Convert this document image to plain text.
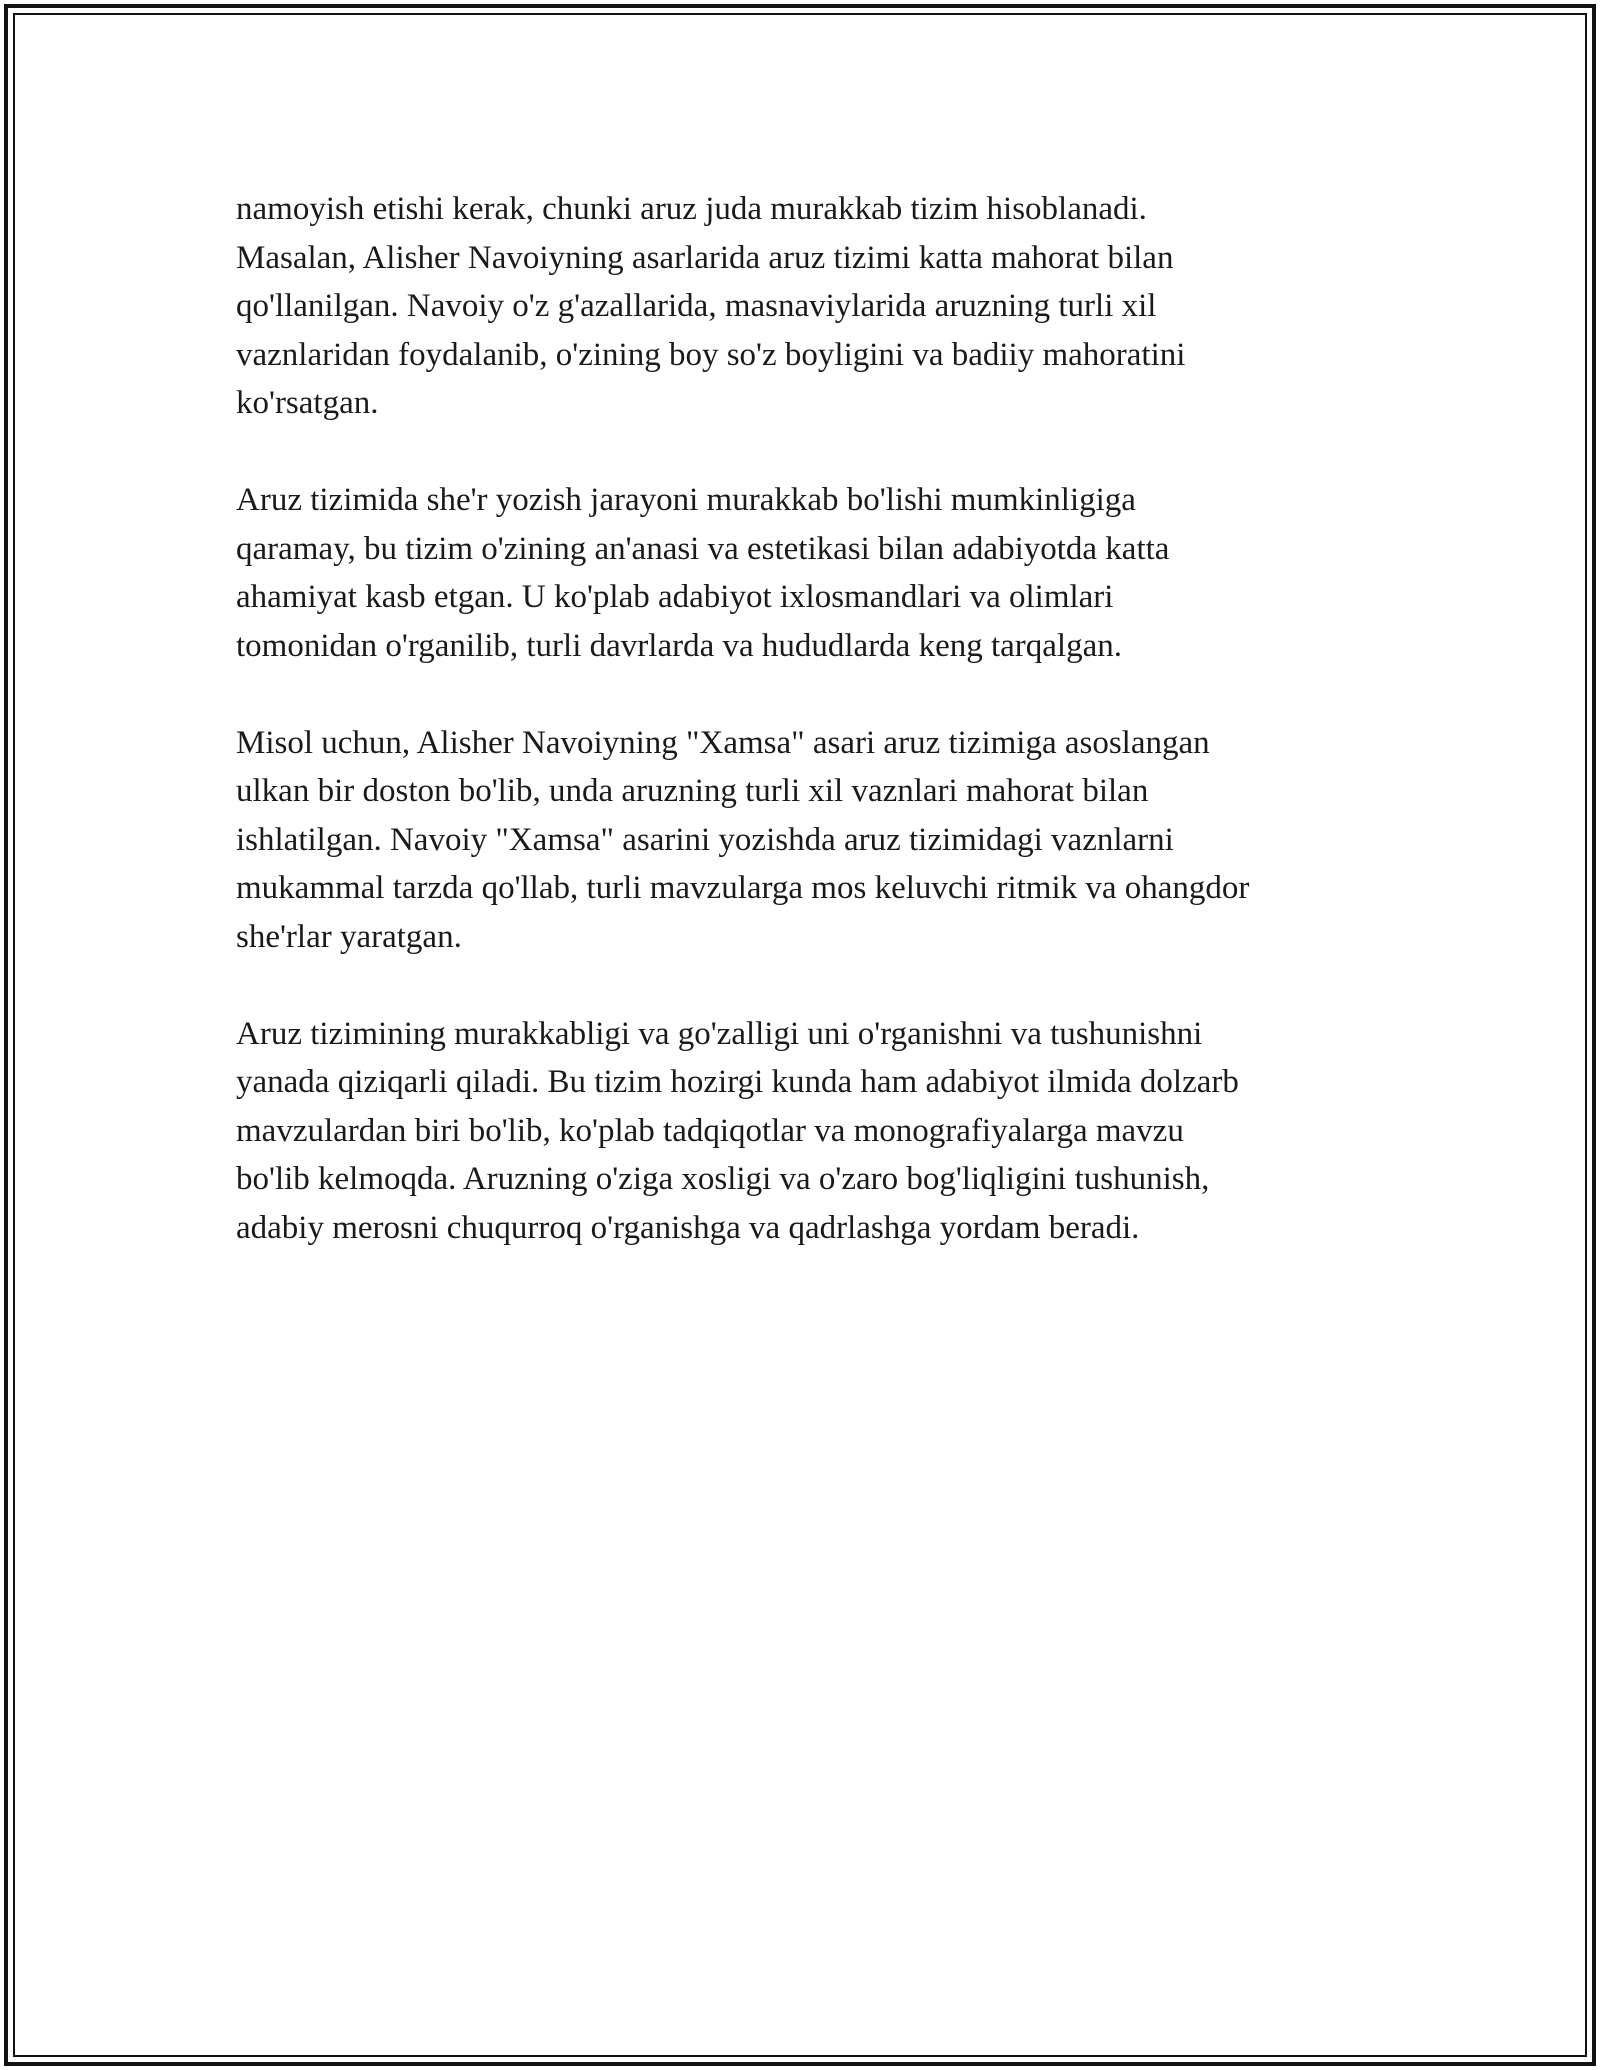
namoyish etishi kerak, chunki aruz juda murakkab tizim hisoblanadi.
Masalan, Alisher Navoiyning asarlarida aruz tizimi katta mahorat bilan
qo'llanilgan. Navoiy o'z g'azallarida, masnaviylarida aruzning turli xil
vaznlaridan foydalanib, o'zining boy so'z boyligini va badiiy mahoratini
ko'rsatgan.

Aruz tizimida she'r yozish jarayoni murakkab bo'lishi mumkinligiga
qaramay, bu tizim o'zining an'anasi va estetikasi bilan adabiyotda katta
ahamiyat kasb etgan. U ko'plab adabiyot ixlosmandlari va olimlari
tomonidan o'rganilib, turli davrlarda va hududlarda keng tarqalgan.

Misol uchun, Alisher Navoiyning "Xamsa" asari aruz tizimiga asoslangan
ulkan bir doston bo'lib, unda aruzning turli xil vaznlari mahorat bilan
ishlatilgan. Navoiy "Xamsa" asarini yozishda aruz tizimidagi vaznlarni
mukammal tarzda qo'llab, turli mavzularga mos keluvchi ritmik va ohangdor
she'rlar yaratgan.

Aruz tizimining murakkabligi va go'zalligi uni o'rganishni va tushunishni
yanada qiziqarli qiladi. Bu tizim hozirgi kunda ham adabiyot ilmida dolzarb
mavzulardan biri bo'lib, ko'plab tadqiqotlar va monografiyalarga mavzu
bo'lib kelmoqda. Aruzning o'ziga xosligi va o'zaro bog'liqligini tushunish,
adabiy merosni chuqurroq o'rganishga va qadrlashga yordam beradi.
